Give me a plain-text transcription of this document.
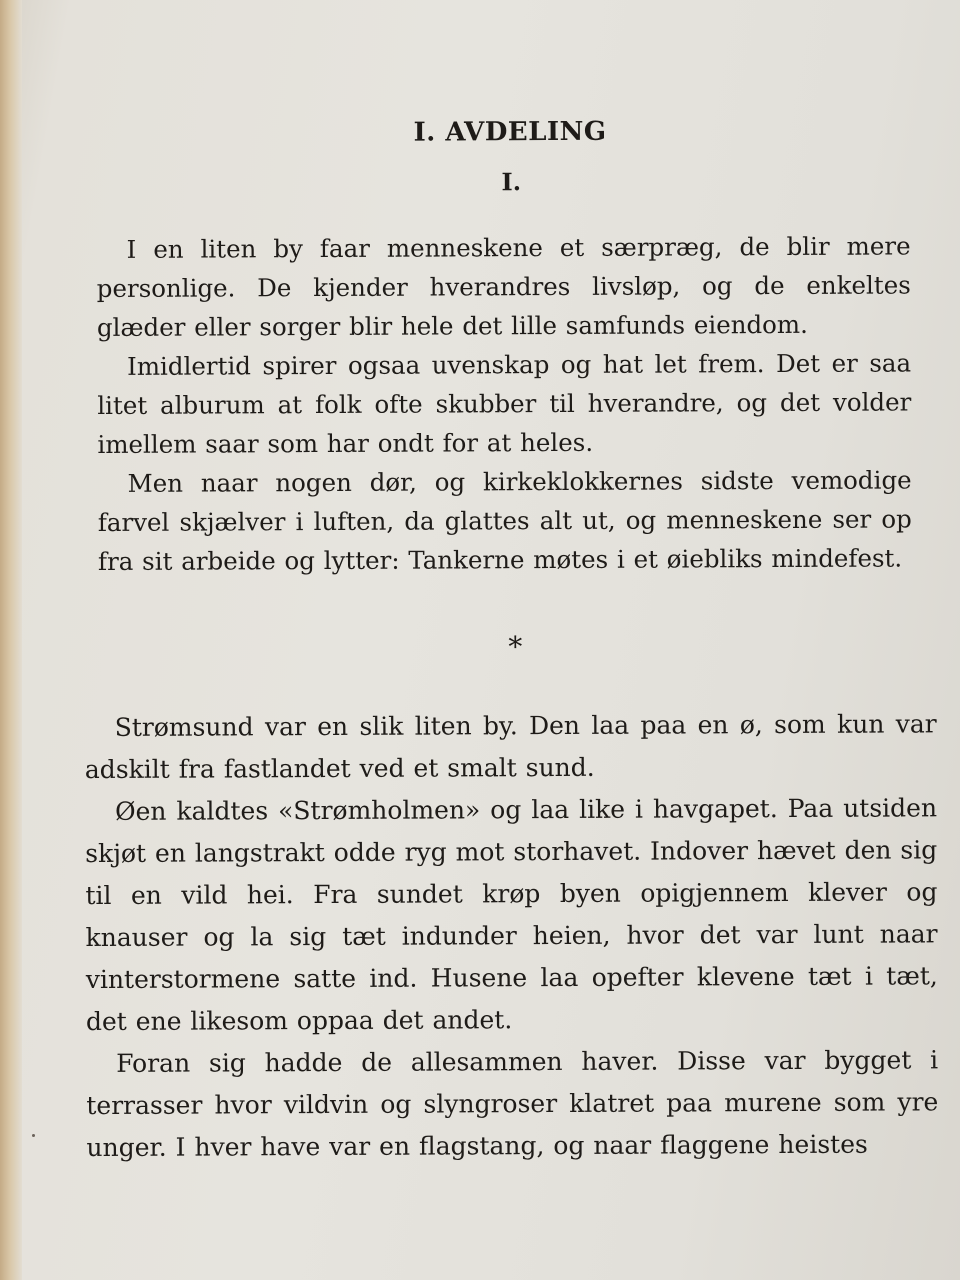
I. AVDELING
I.

I en liten by faar menneskene et særpræg, de blir mere personlige. De kjender hverandres livsløp, og de enkeltes glæder eller sorger blir hele det lille samfunds eiendom.

Imidlertid spirer ogsaa uvenskap og hat let frem. Det er saa litet alburum at folk ofte skubber til hverandre, og det volder imellem saar som har ondt for at heles.

Men naar nogen dør, og kirkeklokkernes sidste vemodige farvel skjælver i luften, da glattes alt ut, og menneskene ser op fra sit arbeide og lytter: Tankerne møtes i et øiebliks mindefest.

*

Strømsund var en slik liten by. Den laa paa en ø, som kun var adskilt fra fastlandet ved et smalt sund.

Øen kaldtes «Strømholmen» og laa like i havgapet. Paa utsiden skjøt en langstrakt odde ryg mot storhavet. Indover hævet den sig til en vild hei. Fra sundet krøp byen opigjennem klever og knauser og la sig tæt indunder heien, hvor det var lunt naar vinterstormene satte ind. Husene laa opefter klevene tæt i tæt, det ene likesom oppaa det andet.

Foran sig hadde de allesammen haver. Disse var bygget i terrasser hvor vildvin og slyngroser klatret paa murene som yre unger. I hver have var en flagstang, og naar flaggene heistes
